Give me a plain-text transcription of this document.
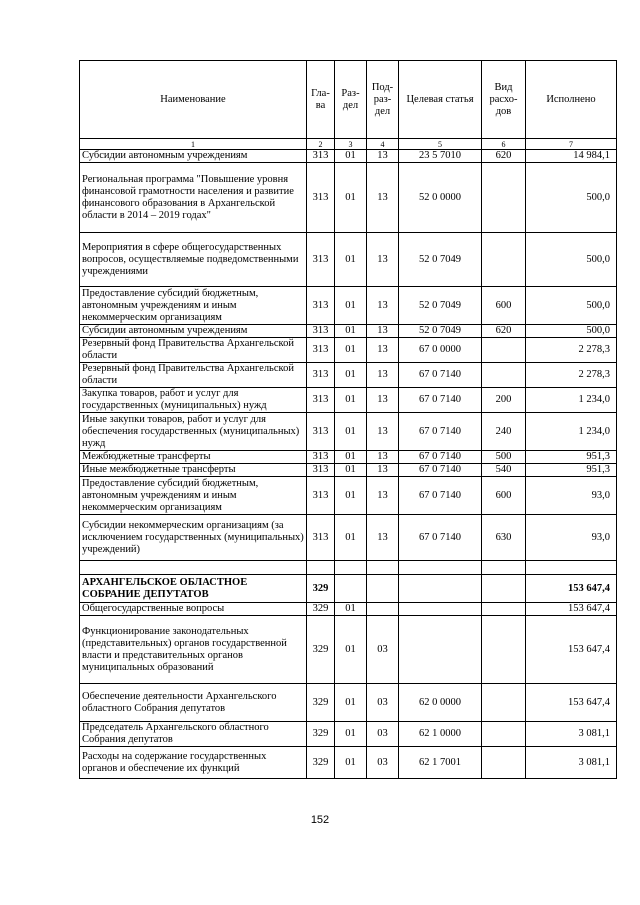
Наименование	Гла-ва	Раз-дел	Под-раз-дел	Целевая статья	Вид расхо-дов	Исполнено
1	2	3	4	5	6	7
Субсидии автономным учреждениям	313	01	13	23 5 7010	620	14 984,1
Региональная программа "Повышение уровня финансовой грамотности населения и развитие финансового образования в Архангельской области в 2014 – 2019 годах"	313	01	13	52 0 0000		500,0
Мероприятия в сфере общегосударственных вопросов, осуществляемые подведомственными учреждениями	313	01	13	52 0 7049		500,0
Предоставление субсидий бюджетным, автономным учреждениям и иным некоммерческим организациям	313	01	13	52 0 7049	600	500,0
Субсидии автономным учреждениям	313	01	13	52 0 7049	620	500,0
Резервный фонд Правительства Архангельской области	313	01	13	67 0 0000		2 278,3
Резервный фонд Правительства Архангельской области	313	01	13	67 0 7140		2 278,3
Закупка товаров, работ и услуг для государственных (муниципальных) нужд	313	01	13	67 0 7140	200	1 234,0
Иные закупки товаров, работ и услуг для обеспечения государственных (муниципальных) нужд	313	01	13	67 0 7140	240	1 234,0
Межбюджетные трансферты	313	01	13	67 0 7140	500	951,3
Иные межбюджетные трансферты	313	01	13	67 0 7140	540	951,3
Предоставление субсидий бюджетным, автономным учреждениям и иным некоммерческим организациям	313	01	13	67 0 7140	600	93,0
Субсидии некоммерческим организациям (за исключением государственных (муниципальных) учреждений)	313	01	13	67 0 7140	630	93,0

АРХАНГЕЛЬСКОЕ ОБЛАСТНОЕ СОБРАНИЕ ДЕПУТАТОВ	329					153 647,4
Общегосударственные вопросы	329	01				153 647,4
Функционирование законодательных (представительных) органов государственной власти и представительных органов муниципальных образований	329	01	03			153 647,4
Обеспечение деятельности Архангельского областного Собрания депутатов	329	01	03	62 0 0000		153 647,4
Председатель Архангельского областного Собрания депутатов	329	01	03	62 1 0000		3 081,1
Расходы на содержание государственных органов и обеспечение их функций	329	01	03	62 1 7001		3 081,1
152
